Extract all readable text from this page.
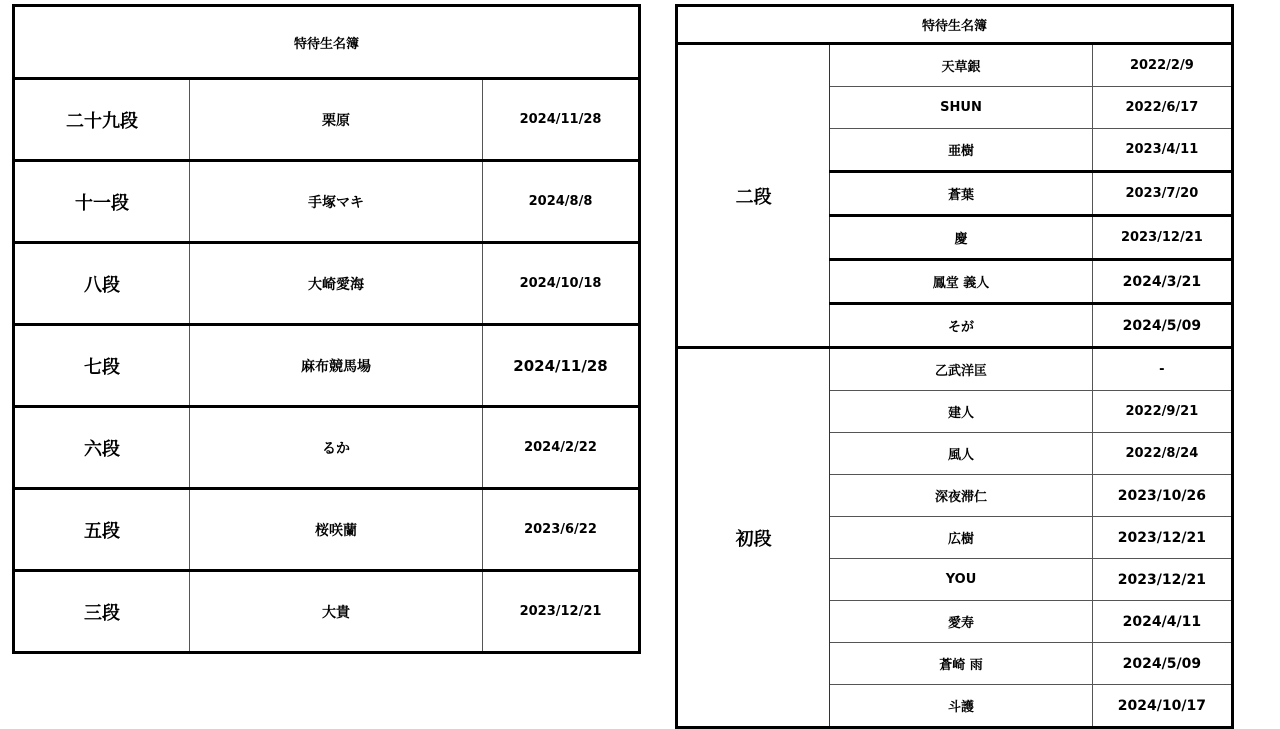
特待生名簿		
二十九段	栗原	2024/11/28
十一段	手塚マキ	2024/8/8
八段	大崎愛海	2024/10/18
七段	麻布競馬場	2024/11/28
六段	るか	2024/2/22
五段	桜咲蘭	2023/6/22
三段	大貴	2023/12/21
特待生名簿		
二段	天草銀	2022/2/9
	SHUN	2022/6/17
	亜樹	2023/4/11
	蒼葉	2023/7/20
	慶	2023/12/21
	鳳堂 義人	2024/3/21
	そが	2024/5/09
初段	乙武洋匡	-
	建人	2022/9/21
	風人	2022/8/24
	深夜滞仁	2023/10/26
	広樹	2023/12/21
	YOU	2023/12/21
	愛寿	2024/4/11
	蒼崎 雨	2024/5/09
	斗護	2024/10/17
